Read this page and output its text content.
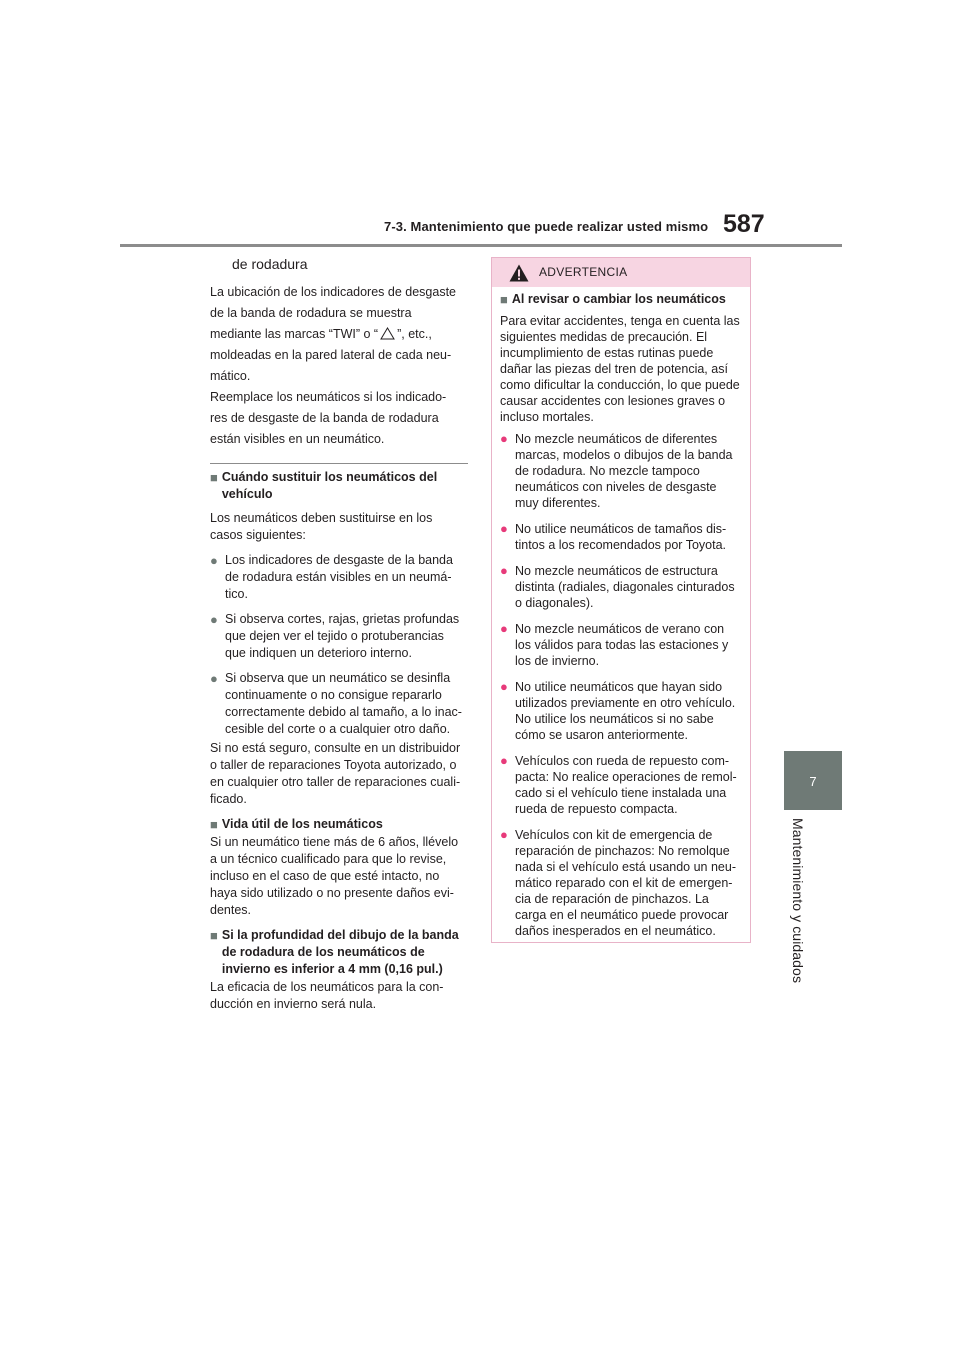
7-3. Mantenimiento que puede realizar usted mismo 587
7
Mantenimiento y cuidados
de rodadura

La ubicación de los indicadores de desgaste

de la banda de rodadura se muestra

mediante las marcas “TWI” o “ ”, etc.,

moldeadas en la pared lateral de cada neu-

mático.

Reemplace los neumáticos si los indicado-

res de desgaste de la banda de rodadura

están visibles en un neumático.

■ Cuándo sustituir los neumáticos del vehículo

Los neumáticos deben sustituirse en los casos siguientes:

● Los indicadores de desgaste de la banda de rodadura están visibles en un neumá-tico.
● Si observa cortes, rajas, grietas profundas que dejen ver el tejido o protuberancias que indiquen un deterioro interno.
● Si observa que un neumático se desinfla continuamente o no consigue repararlo correctamente debido al tamaño, a lo inac-cesible del corte o a cualquier otro daño.

Si no está seguro, consulte en un distribuidor o taller de reparaciones Toyota autorizado, o en cualquier otro taller de reparaciones cuali-ficado.

■ Vida útil de los neumáticos

Si un neumático tiene más de 6 años, llévelo a un técnico cualificado para que lo revise, incluso en el caso de que esté intacto, no haya sido utilizado o no presente daños evi-dentes.

■ Si la profundidad del dibujo de la banda de rodadura de los neumáticos de invierno es inferior a 4 mm (0,16 pul.)

La eficacia de los neumáticos para la con-ducción en invierno será nula.

ADVERTENCIA
■ Al revisar o cambiar los neumáticos

Para evitar accidentes, tenga en cuenta las siguientes medidas de precaución. El incumplimiento de estas rutinas puede dañar las piezas del tren de potencia, así como dificultar la conducción, lo que puede causar accidentes con lesiones graves o incluso mortales.

● No mezcle neumáticos de diferentes marcas, modelos o dibujos de la banda de rodadura. No mezcle tampoco neumáticos con niveles de desgaste muy diferentes.
● No utilice neumáticos de tamaños dis-tintos a los recomendados por Toyota.
● No mezcle neumáticos de estructura distinta (radiales, diagonales cinturados o diagonales).
● No mezcle neumáticos de verano con los válidos para todas las estaciones y los de invierno.
● No utilice neumáticos que hayan sido utilizados previamente en otro vehículo. No utilice los neumáticos si no sabe cómo se usaron anteriormente.
● Vehículos con rueda de repuesto com-pacta: No realice operaciones de remol-cado si el vehículo tiene instalada una rueda de repuesto compacta.
● Vehículos con kit de emergencia de reparación de pinchazos: No remolque nada si el vehículo está usando un neu-mático reparado con el kit de emergen-cia de reparación de pinchazos. La carga en el neumático puede provocar daños inesperados en el neumático.
